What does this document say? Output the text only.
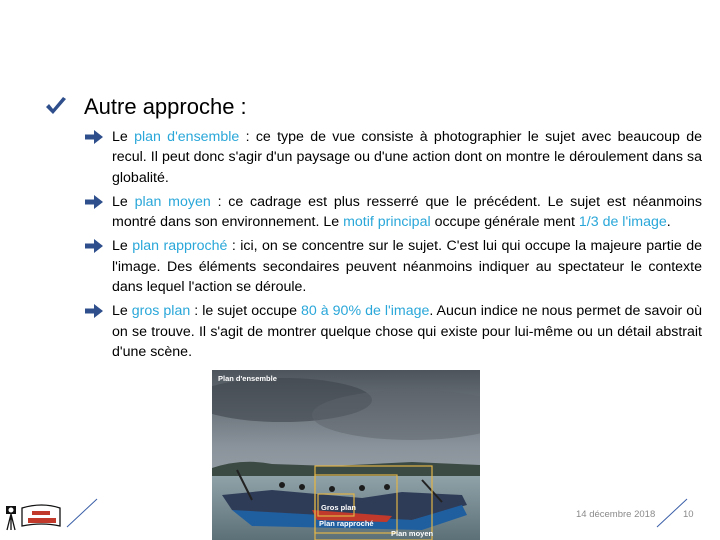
Autre approche :
Le plan d'ensemble : ce type de vue consiste à photographier le sujet avec beaucoup de recul. Il peut donc s'agir d'un paysage ou d'une action dont on montre le déroulement dans sa globalité.
Le plan moyen : ce cadrage est plus resserré que le précédent. Le sujet est néanmoins montré dans son environnement. Le motif principal occupe générale ment 1/3 de l'image.
Le plan rapproché : ici, on se concentre sur le sujet. C'est lui qui occupe la majeure partie de l'image. Des éléments secondaires peuvent néanmoins indiquer au spectateur le contexte dans lequel l'action se déroule.
Le gros plan : le sujet occupe 80 à 90% de l'image. Aucun indice ne nous permet de savoir où on se trouve. Il s'agit de montrer quelque chose qui existe pour lui-même ou un détail abstrait d'une scène.
Plan d'ensemble
Gros plan
Plan rapproché
Plan moyen
14 décembre 2018	10
